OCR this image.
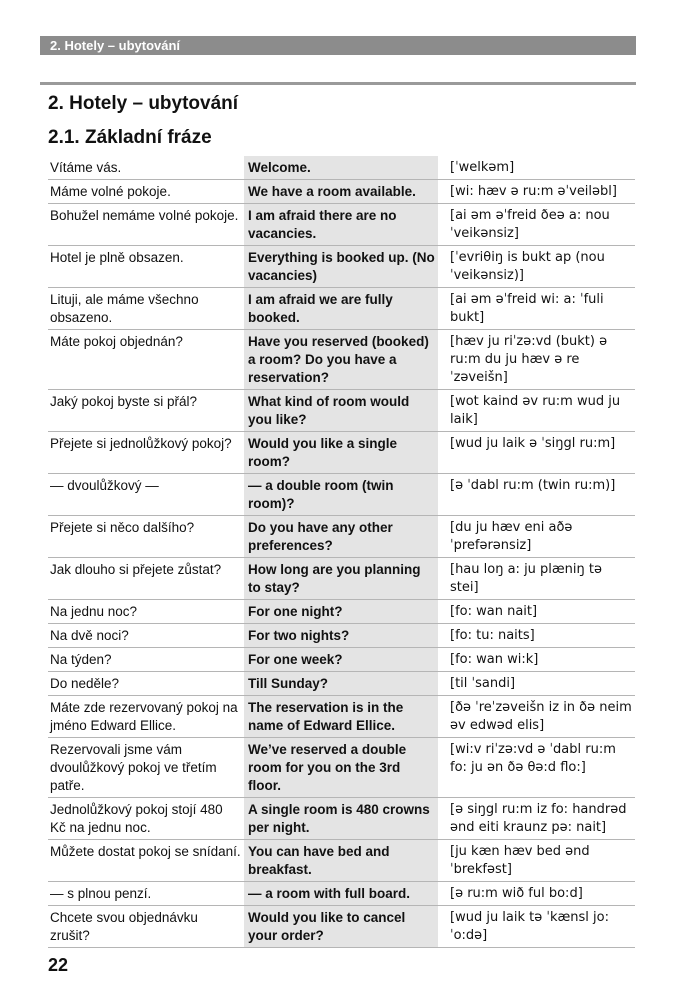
2. Hotely – ubytování
2. Hotely – ubytování
2.1. Základní fráze
Vítáme vás.	Welcome.	[ˈwelkəm]
Máme volné pokoje.	We have a room available.	[wi: hæv ə ru:m əˈveiləbl]
Bohužel nemáme volné pokoje.	I am afraid there are no vacancies.	[ai əm əˈfreid ðeə a: nou ˈveikənsiz]
Hotel je plně obsazen.	Everything is booked up. (No vacancies)	[ˈevriθiŋ is bukt ap (nou ˈveikənsiz)]
Lituji, ale máme všechno obsazeno.	I am afraid we are fully booked.	[ai əm əˈfreid wi: a: ˈfuli bukt]
Máte pokoj objednán?	Have you reserved (booked) a room? Do you have a reservation?	[hæv ju riˈzə:vd (bukt) ə ru:m du ju hæv ə reˈzəveišn]
Jaký pokoj byste si přál?	What kind of room would you like?	[wot kaind əv ru:m wud ju laik]
Přejete si jednolůžkový pokoj?	Would you like a single room?	[wud ju laik ə ˈsiŋgl ru:m]
— dvoulůžkový —	— a double room (twin room)?	[ə ˈdabl ru:m (twin ru:m)]
Přejete si něco dalšího?	Do you have any other preferences?	[du ju hæv eni aðə ˈprefərənsiz]
Jak dlouho si přejete zůstat?	How long are you planning to stay?	[hau loŋ a: ju plæniŋ tə stei]
Na jednu noc?	For one night?	[fo: wan nait]
Na dvě noci?	For two nights?	[fo: tu: naits]
Na týden?	For one week?	[fo: wan wi:k]
Do neděle?	Till Sunday?	[til ˈsandi]
Máte zde rezervovaný pokoj na jméno Edward Ellice.	The reservation is in the name of Edward Ellice.	[ðə ˈreˈzəveišn iz in ðə neim əv edwəd elis]
Rezervovali jsme vám dvoulůžkový pokoj ve třetím patře.	We’ve reserved a double room for you on the 3rd floor.	[wi:v riˈzə:vd ə ˈdabl ru:m fo: ju ən ðə θə:d flo:]
Jednolůžkový pokoj stojí 480 Kč na jednu noc.	A single room is 480 crowns per night.	[ə siŋgl ru:m iz fo: handrəd ənd eiti kraunz pə: nait]
Můžete dostat pokoj se snídaní.	You can have bed and breakfast.	[ju kæn hæv bed ənd ˈbrekfəst]
— s plnou penzí.	— a room with full board.	[ə ru:m wið ful bo:d]
Chcete svou objednávku zrušit?	Would you like to cancel your order?	[wud ju laik tə ˈkænsl jo: ˈo:də]
22
